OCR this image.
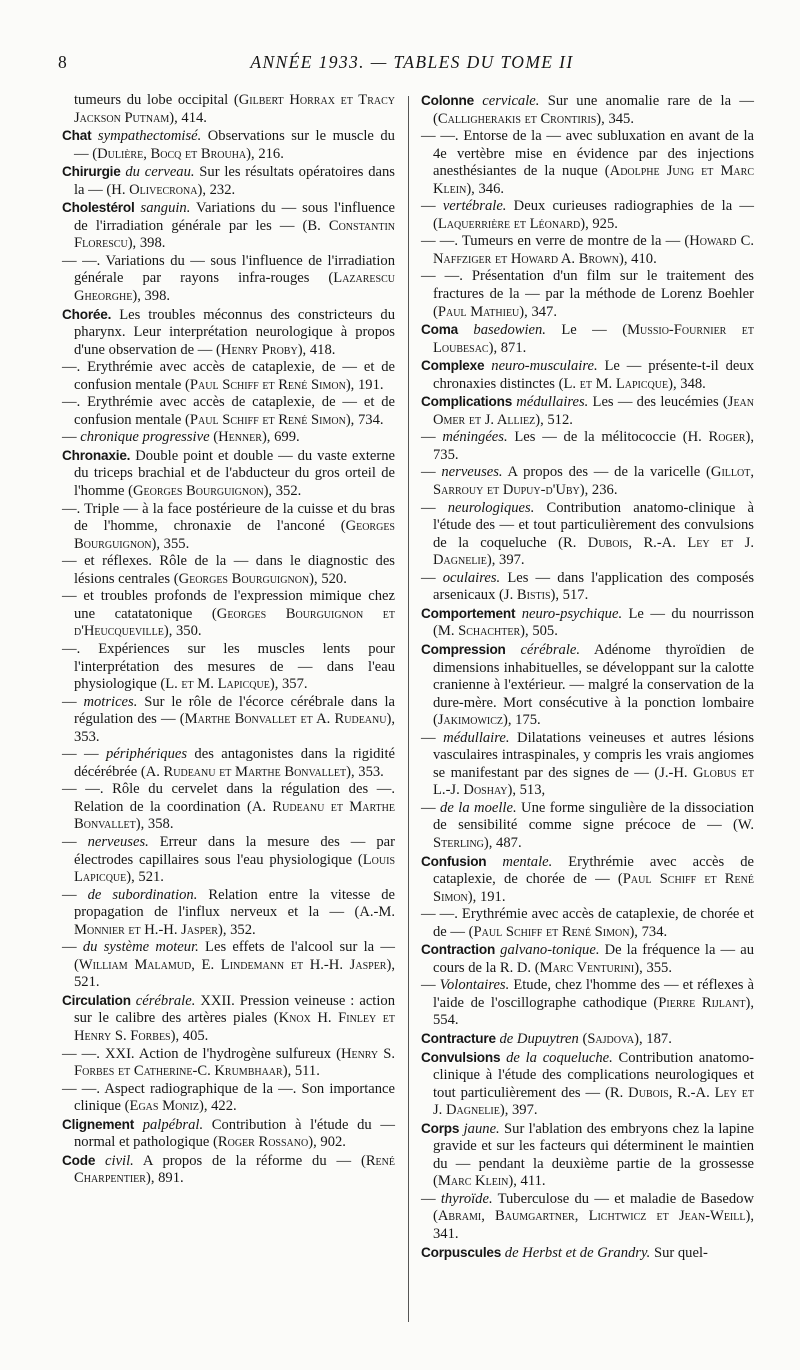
8	ANNÉE 1933. — TABLES DU TOME II

tumeurs du lobe occipital (Gilbert Horrax et Tracy Jackson Putnam), 414.

Chat sympathectomisé. Observations sur le muscle du — (Dulière, Bocq et Brouha), 216.

Chirurgie du cerveau. Sur les résultats opératoires dans la — (H. Olivecrona), 232.

Cholestérol sanguin. Variations du — sous l'influence de l'irradiation générale par les — (B. Constantin Florescu), 398.

— —. Variations du — sous l'influence de l'irradiation générale par rayons infra-rouges (Lazarescu Gheorghe), 398.

Chorée. Les troubles méconnus des constricteurs du pharynx. Leur interprétation neurologique à propos d'une observation de — (Henry Proby), 418.

—. Erythrémie avec accès de cataplexie, de — et de confusion mentale (Paul Schiff et René Simon), 191.

—. Erythrémie avec accès de cataplexie, de — et de confusion mentale (Paul Schiff et René Simon), 734.

— chronique progressive (Henner), 699.

Chronaxie. Double point et double — du vaste externe du triceps brachial et de l'abducteur du gros orteil de l'homme (Georges Bourguignon), 352.

—. Triple — à la face postérieure de la cuisse et du bras de l'homme, chronaxie de l'anconé (Georges Bourguignon), 355.

— et réflexes. Rôle de la — dans le diagnostic des lésions centrales (Georges Bourguignon), 520.

— et troubles profonds de l'expression mimique chez une catatatonique (Georges Bourguignon et d'Heucqueville), 350.

—. Expériences sur les muscles lents pour l'interprétation des mesures de — dans l'eau physiologique (L. et M. Lapicque), 357.

— motrices. Sur le rôle de l'écorce cérébrale dans la régulation des — (Marthe Bonvallet et A. Rudeanu), 353.

— — périphériques des antagonistes dans la rigidité décérébrée (A. Rudeanu et Marthe Bonvallet), 353.

— —. Rôle du cervelet dans la régulation des —. Relation de la coordination (A. Rudeanu et Marthe Bonvallet), 358.

— nerveuses. Erreur dans la mesure des — par électrodes capillaires sous l'eau physiologique (Louis Lapicque), 521.

— de subordination. Relation entre la vitesse de propagation de l'influx nerveux et la — (A.-M. Monnier et H.-H. Jasper), 352.

— du système moteur. Les effets de l'alcool sur la — (William Malamud, E. Lindemann et H.-H. Jasper), 521.

Circulation cérébrale. XXII. Pression veineuse : action sur le calibre des artères piales (Knox H. Finley et Henry S. Forbes), 405.

— —. XXI. Action de l'hydrogène sulfureux (Henry S. Forbes et Catherine-C. Krumbhaar), 511.

— —. Aspect radiographique de la —. Son importance clinique (Egas Moniz), 422.

Clignement palpébral. Contribution à l'étude du — normal et pathologique (Roger Rossano), 902.

Code civil. A propos de la réforme du — (René Charpentier), 891.

Colonne cervicale. Sur une anomalie rare de la — (Calligherakis et Crontiris), 345.

— —. Entorse de la — avec subluxation en avant de la 4e vertèbre mise en évidence par des injections anesthésiantes de la nuque (Adolphe Jung et Marc Klein), 346.

— vertébrale. Deux curieuses radiographies de la — (Laquerrière et Léonard), 925.

— —. Tumeurs en verre de montre de la — (Howard C. Naffziger et Howard A. Brown), 410.

— —. Présentation d'un film sur le traitement des fractures de la — par la méthode de Lorenz Boehler (Paul Mathieu), 347.

Coma basedowien. Le — (Mussio-Fournier et Loubesac), 871.

Complexe neuro-musculaire. Le — présente-t-il deux chronaxies distinctes (L. et M. Lapicque), 348.

Complications médullaires. Les — des leucémies (Jean Omer et J. Alliez), 512.

— méningées. Les — de la mélitococcie (H. Roger), 735.

— nerveuses. A propos des — de la varicelle (Gillot, Sarrouy et Dupuy-d'Uby), 236.

— neurologiques. Contribution anatomo-clinique à l'étude des — et tout particulièrement des convulsions de la coqueluche (R. Dubois, R.-A. Ley et J. Dagnelie), 397.

— oculaires. Les — dans l'application des composés arsenicaux (J. Bistis), 517.

Comportement neuro-psychique. Le — du nourrisson (M. Schachter), 505.

Compression cérébrale. Adénome thyroïdien de dimensions inhabituelles, se développant sur la calotte cranienne à l'extérieur. — malgré la conservation de la dure-mère. Mort consécutive à la ponction lombaire (Jakimowicz), 175.

— médullaire. Dilatations veineuses et autres lésions vasculaires intraspinales, y compris les vrais angiomes se manifestant par des signes de — (J.-H. Globus et L.-J. Doshay), 513,

— de la moelle. Une forme singulière de la dissociation de sensibilité comme signe précoce de — (W. Sterling), 487.

Confusion mentale. Erythrémie avec accès de cataplexie, de chorée de — (Paul Schiff et René Simon), 191.

— —. Erythrémie avec accès de cataplexie, de chorée et de — (Paul Schiff et René Simon), 734.

Contraction galvano-tonique. De la fréquence la — au cours de la R. D. (Marc Venturini), 355.

— Volontaires. Etude, chez l'homme des — et réflexes à l'aide de l'oscillographe cathodique (Pierre Rijlant), 554.

Contracture de Dupuytren (Sajdova), 187.

Convulsions de la coqueluche. Contribution anatomo-clinique à l'étude des complications neurologiques et tout particulièrement des — (R. Dubois, R.-A. Ley et J. Dagnelie), 397.

Corps jaune. Sur l'ablation des embryons chez la lapine gravide et sur les facteurs qui déterminent le maintien du — pendant la deuxième partie de la grossesse (Marc Klein), 411.

— thyroïde. Tuberculose du — et maladie de Basedow (Abrami, Baumgartner, Lichtwicz et Jean-Weill), 341.

Corpuscules de Herbst et de Grandry. Sur quel-
